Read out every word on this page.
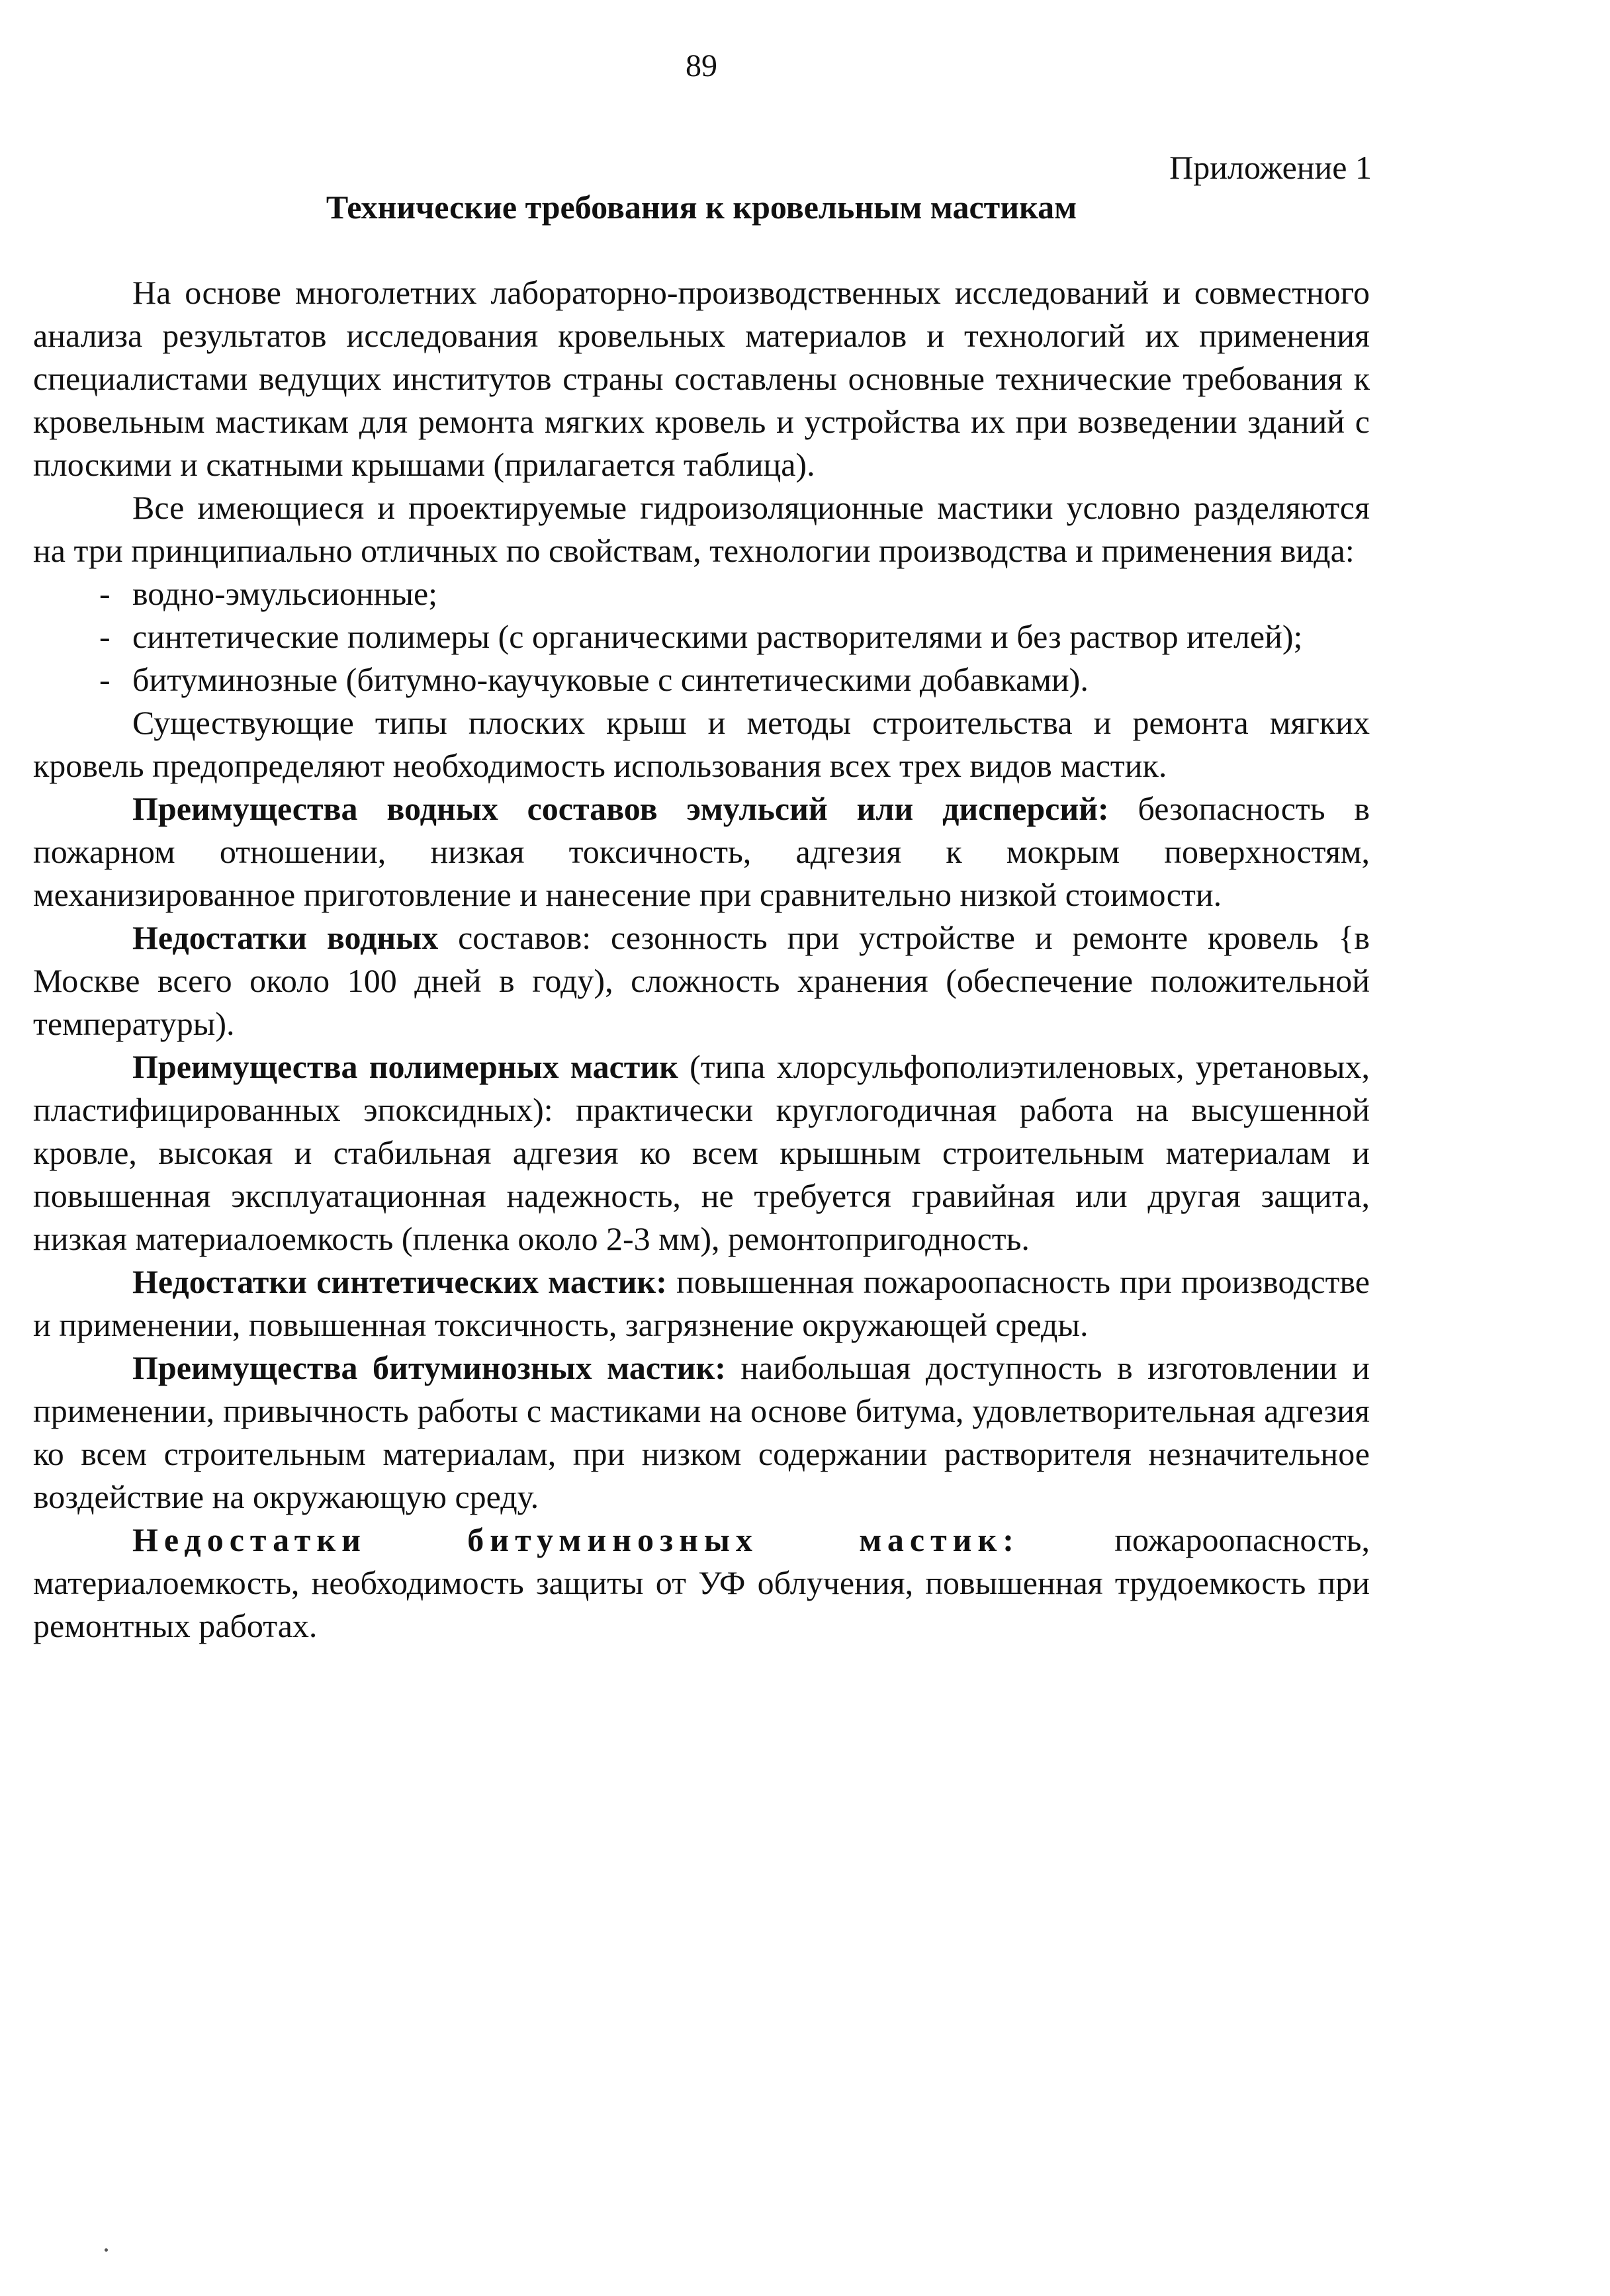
89
Приложение 1
Технические требования к кровельным мастикам

На основе многолетних лабораторно-производственных исследований и совместного анализа результатов исследования кровельных материалов и технологий их применения специалистами ведущих институтов страны составлены основные технические требования к кровельным мастикам для ремонта мягких кровель и устройства их при возведении зданий с плоскими и скатными крышами (прилагается таблица).

Все имеющиеся и проектируемые гидроизоляционные мастики условно разделяются на три принципиально отличных по свойствам, технологии производства и применения вида:

- водно-эмульсионные;
- синтетические полимеры (с органическими растворителями и без раствор ителей);
- битуминозные (битумно-каучуковые с синтетическими добавками).

Существующие типы плоских крыш и методы строительства и ремонта мягких кровель предопределяют необходимость использования всех трех видов мастик.

Преимущества водных составов эмульсий или дисперсий: безопасность в пожарном отношении, низкая токсичность, адгезия к мокрым поверхностям, механизированное приготовление и нанесение при сравнительно низкой стоимости.

Недостатки водных составов: сезонность при устройстве и ремонте кровель {в Москве всего около 100 дней в году), сложность хранения (обеспечение положительной температуры).

Преимущества полимерных мастик (типа хлорсульфополиэтиленовых, уретановых, пластифицированных эпоксидных): практически круглогодичная работа на высушенной кровле, высокая и стабильная адгезия ко всем крышным строительным материалам и повышенная эксплуатационная надежность, не требуется гравийная или другая защита, низкая материалоемкость (пленка около 2-3 мм), ремонтопригодность.

Недостатки синтетических мастик: повышенная пожароопасность при производстве и применении, повышенная токсичность, загрязнение окружающей среды.

Преимущества битуминозных мастик: наибольшая доступность в изготовлении и применении, привычность работы с мастиками на основе битума, удовлетворительная адгезия ко всем строительным материалам, при низком содержании растворителя незначительное воздействие на окружающую среду.

Недостатки битуминозных мастик: пожароопасность, материалоемкость, необходимость защиты от УФ облучения, повышенная трудоемкость при ремонтных работах.
